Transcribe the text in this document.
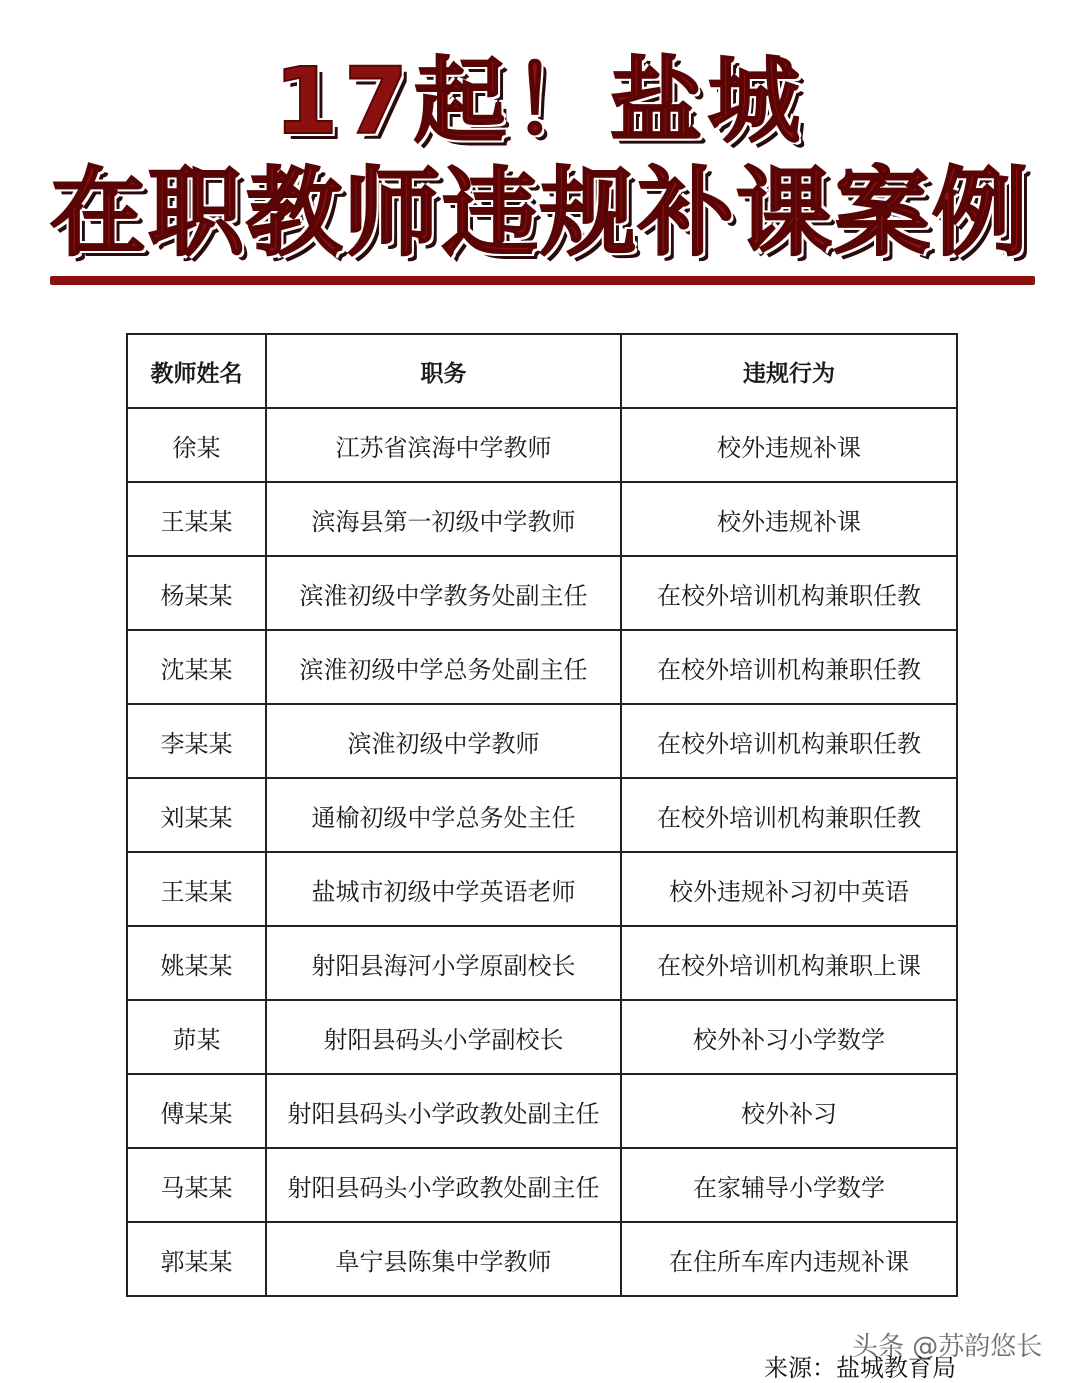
17起！盐城
在职教师违规补课案例
教师姓名	职务	违规行为
徐某	江苏省滨海中学教师	校外违规补课
王某某	滨海县第一初级中学教师	校外违规补课
杨某某	滨淮初级中学教务处副主任	在校外培训机构兼职任教
沈某某	滨淮初级中学总务处副主任	在校外培训机构兼职任教
李某某	滨淮初级中学教师	在校外培训机构兼职任教
刘某某	通榆初级中学总务处主任	在校外培训机构兼职任教
王某某	盐城市初级中学英语老师	校外违规补习初中英语
姚某某	射阳县海河小学原副校长	在校外培训机构兼职上课
茆某	射阳县码头小学副校长	校外补习小学数学
傅某某	射阳县码头小学政教处副主任	校外补习
马某某	射阳县码头小学政教处副主任	在家辅导小学数学
郭某某	阜宁县陈集中学教师	在住所车库内违规补课
头条 @苏韵悠长
来源：盐城教育局
